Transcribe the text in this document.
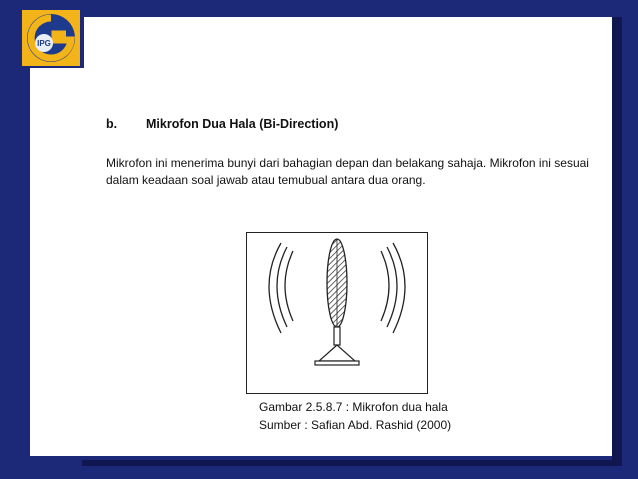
IPG
b. Mikrofon Dua Hala (Bi-Direction)
Mikrofon ini menerima bunyi dari bahagian depan dan belakang sahaja. Mikrofon ini sesuai dalam keadaan soal jawab atau temubual antara dua orang.
Gambar 2.5.8.7 : Mikrofon dua hala
Sumber : Safian Abd. Rashid (2000)
